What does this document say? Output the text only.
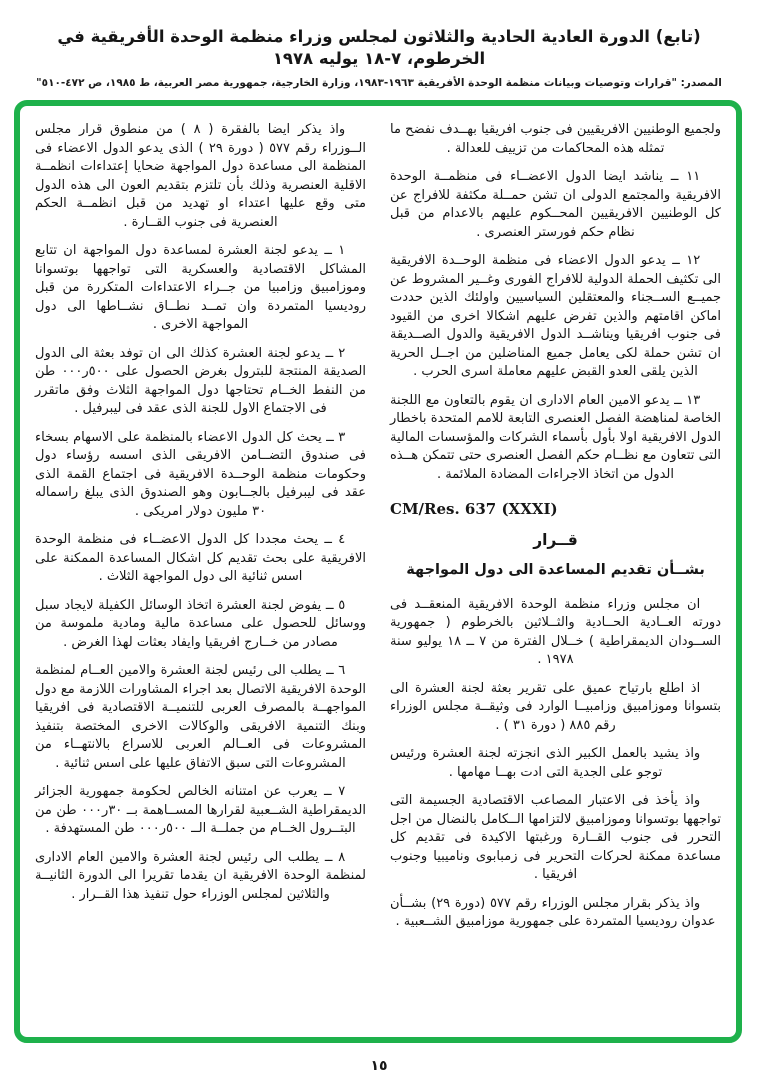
(تابع) الدورة العادية الحادية والثلاثون لمجلس وزراء منظمة الوحدة الأفريقية في الخرطوم، ٧-١٨ يوليه ١٩٧٨
المصدر: "قرارات وتوصيات وبيانات منظمة الوحدة الأفريقية ١٩٦٣-١٩٨٣، وزارة الخارجية، جمهورية مصر العربية، ط ١٩٨٥، ص ٤٧٢-٥١٠"

ولجميع الوطنيين الافريقيين فى جنوب افريقيا بهــدف نفضح ما تمثله هذه المحاكمات من تزييف للعدالة .

١١ ــ يناشد ايضا الدول الاعضــاء فى منظمــة الوحدة الافريقية والمجتمع الدولى ان تشن حمــلة مكثفة للافراج عن كل الوطنيين الافريقيين المحــكوم عليهم بالاعدام من قبل نظام حكم فورستر العنصرى .

١٢ ــ يدعو الدول الاعضاء فى منظمة الوحــدة الافريقية الى تكثيف الحملة الدولية للافراج الفورى وغــير المشروط عن جميــع الســجناء والمعتقلين السياسيين واولئك الذين حددت اماكن اقامتهم والذين تفرض عليهم اشكالا اخرى من القيود فى جنوب افريقيا ويناشــد الدول الافريقية والدول الصــديقة ان تشن حملة لكى يعامل جميع المناضلين من اجــل الحرية الذين يلقى العدو القبض عليهم معاملة اسرى الحرب .

١٣ ــ يدعو الامين العام الادارى ان يقوم بالتعاون مع اللجنة الخاصة لمناهضة الفصل العنصرى التابعة للامم المتحدة باخطار الدول الافريقية اولا بأول بأسماء الشركات والمؤسسات المالية التى تتعاون مع نظــام حكم الفصل العنصرى حتى تتمكن هــذه الدول من اتخاذ الاجراءات المضادة الملائمة .

CM/Res. 637 (XXXI)

قــرار

بشــأن تقديم المساعدة الى دول المواجهة

ان مجلس وزراء منظمة الوحدة الافريقية المنعقــد فى دورته العــادية الحــادية والثــلاثين بالخرطوم ( جمهورية الســودان الديمقراطية ) خــلال الفترة من ٧ ــ ١٨ يوليو سنة ١٩٧٨ .

اذ اطلع بارتياح عميق على تقرير بعثة لجنة العشرة الى بتسوانا وموزامبيق وزامبيــا الوارد فى وثيقــة مجلس الوزراء رقم ٨٨٥ ( دورة ٣١ ) .

واذ يشيد بالعمل الكبير الذى انجزته لجنة العشرة ورئيس توجو على الجدية التى ادت بهــا مهامها .

واذ يأخذ فى الاعتبار المصاعب الاقتصادية الجسيمة التى تواجهها بوتسوانا وموزامبيق لالتزامها الــكامل بالنضال من اجل التحرر فى جنوب القــارة ورغبتها الاكيدة فى تقديم كل مساعدة ممكنة لحركات التحرير فى زمبابوى وناميبيا وجنوب افريقيا .

واذ يذكر بقرار مجلس الوزراء رقم ٥٧٧ (دورة ٢٩) بشــأن عدوان روديسيا المتمردة على جمهورية موزامبيق الشــعبية .

واذ يذكر ايضا بالفقرة ( ٨ ) من منطوق قرار مجلس الــوزراء رقم ٥٧٧ ( دورة ٢٩ ) الذى يدعو الدول الاعضاء فى المنظمة الى مساعدة دول المواجهة ضحايا إعتداءات انظمــة الاقلية العنصرية وذلك بأن تلتزم بتقديم العون الى هذه الدول متى وقع عليها اعتداء او تهديد من قبل انظمــة الحكم العنصرية فى جنوب القــارة .

١ ــ يدعو لجنة العشرة لمساعدة دول المواجهة ان تتابع المشاكل الاقتصادية والعسكرية التى تواجهها بوتسوانا وموزامبيق وزامبيا من جــراء الاعتداءات المتكررة من قبل روديسيا المتمردة وان تمــد نطــاق نشــاطها الى دول المواجهة الاخرى .

٢ ــ يدعو لجنة العشرة كذلك الى ان توفد بعثة الى الدول الصديقة المنتجة للبترول بغرض الحصول على ٥٠٠ر٠٠٠ طن من النفط الخــام تحتاجها دول المواجهة الثلاث وفق ماتقرر فى الاجتماع الاول للجنة الذى عقد فى ليبرفيل .

٣ ــ يحث كل الدول الاعضاء بالمنظمة على الاسهام بسخاء فى صندوق التضــامن الافريقى الذى اسسه رؤساء دول وحكومات منظمة الوحــدة الافريقية فى اجتماع القمة الذى عقد فى ليبرفيل بالجــابون وهو الصندوق الذى يبلغ راسماله ٣٠ مليون دولار امريكى .

٤ ــ يحث مجددا كل الدول الاعضــاء فى منظمة الوحدة الافريقية على بحث تقديم كل اشكال المساعدة الممكنة على اسس ثنائية الى دول المواجهة الثلاث .

٥ ــ يفوض لجنة العشرة اتخاذ الوسائل الكفيلة لايجاد سبل ووسائل للحصول على مساعدة مالية ومادية ملموسة من مصادر من خــارج افريقيا وايفاد بعثات لهذا الغرض .

٦ ــ يطلب الى رئيس لجنة العشرة والامين العــام لمنظمة الوحدة الافريقية الاتصال بعد اجراء المشاورات اللازمة مع دول المواجهــة بالمصرف العربى للتنميــة الاقتصادية فى افريقيا وبنك التنمية الافريقى والوكالات الاخرى المختصة بتنفيذ المشروعات فى العــالم العربى للاسراع بالانتهــاء من المشروعات التى سبق الاتفاق عليها على اسس ثنائية .

٧ ــ يعرب عن امتنانه الخالص لحكومة جمهورية الجزائر الديمقراطية الشــعبية لقرارها المســاهمة بــ ٣٠ر٠٠٠ طن من البتــرول الخــام من جملــة الــ ٥٠٠ر٠٠٠ طن المستهدفة .

٨ ــ يطلب الى رئيس لجنة العشرة والامين العام الادارى لمنظمة الوحدة الافريقية ان يقدما تقريرا الى الدورة الثانيــة والثلاثين لمجلس الوزراء حول تنفيذ هذا القــرار .

١٥
